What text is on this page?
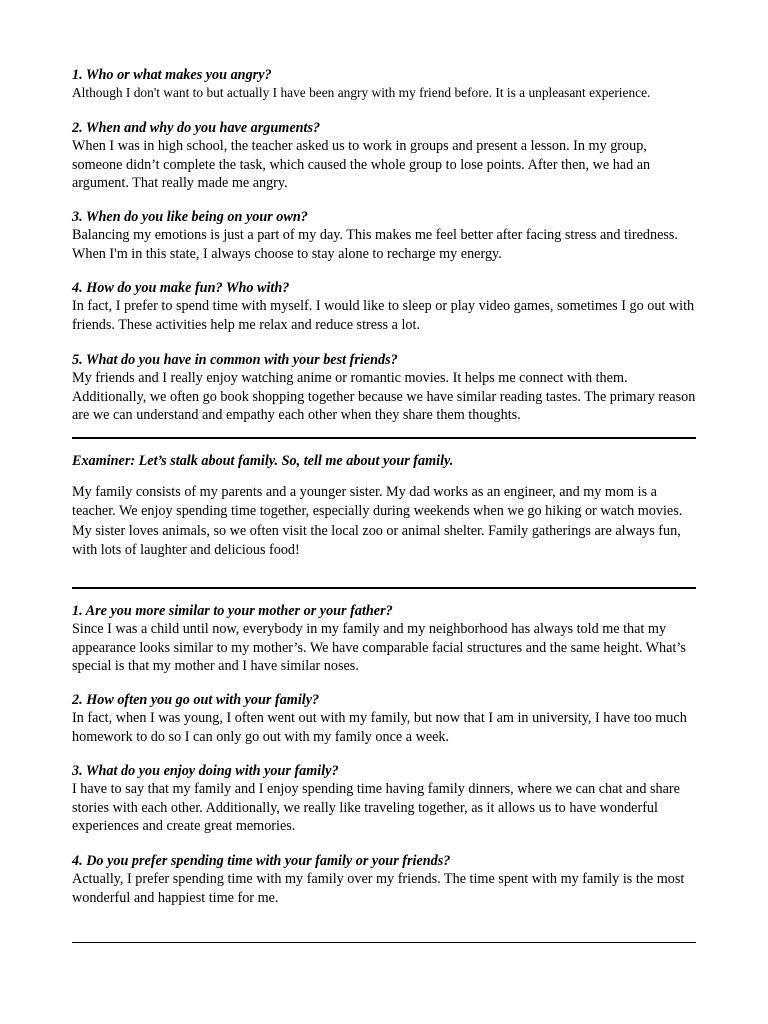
1. Who or what makes you angry?

Although I don't want to but actually I have been angry with my friend before. It is a unpleasant experience.

2. When and why do you have arguments?

When I was in high school, the teacher asked us to work in groups and present a lesson. In my group, someone didn’t complete the task, which caused the whole group to lose points. After then, we had an argument. That really made me angry.

3. When do you like being on your own?

Balancing my emotions is just a part of my day. This makes me feel better after facing stress and tiredness. When I'm in this state, I always choose to stay alone to recharge my energy.

4. How do you make fun? Who with?

In fact, I prefer to spend time with myself. I would like to sleep or play video games, sometimes I go out with friends. These activities help me relax and reduce stress a lot.

5. What do you have in common with your best friends?

My friends and I really enjoy watching anime or romantic movies. It helps me connect with them. Additionally, we often go book shopping together because we have similar reading tastes. The primary reason are we can understand and empathy each other when they share them thoughts.

Examiner: Let’s stalk about family. So, tell me about your family.

My family consists of my parents and a younger sister. My dad works as an engineer, and my mom is a teacher. We enjoy spending time together, especially during weekends when we go hiking or watch movies. My sister loves animals, so we often visit the local zoo or animal shelter. Family gatherings are always fun, with lots of laughter and delicious food!

1. Are you more similar to your mother or your father?

Since I was a child until now, everybody in my family and my neighborhood has always told me that my appearance looks similar to my mother’s. We have comparable facial structures and the same height. What’s special is that my mother and I have similar noses.

2. How often you go out with your family?

In fact, when I was young, I often went out with my family, but now that I am in university, I have too much homework to do so I can only go out with my family once a week.

3. What do you enjoy doing with your family?

I have to say that my family and I enjoy spending time having family dinners, where we can chat and share stories with each other. Additionally, we really like traveling together, as it allows us to have wonderful experiences and create great memories.

4. Do you prefer spending time with your family or your friends?

Actually, I prefer spending time with my family over my friends. The time spent with my family is the most wonderful and happiest time for me.
